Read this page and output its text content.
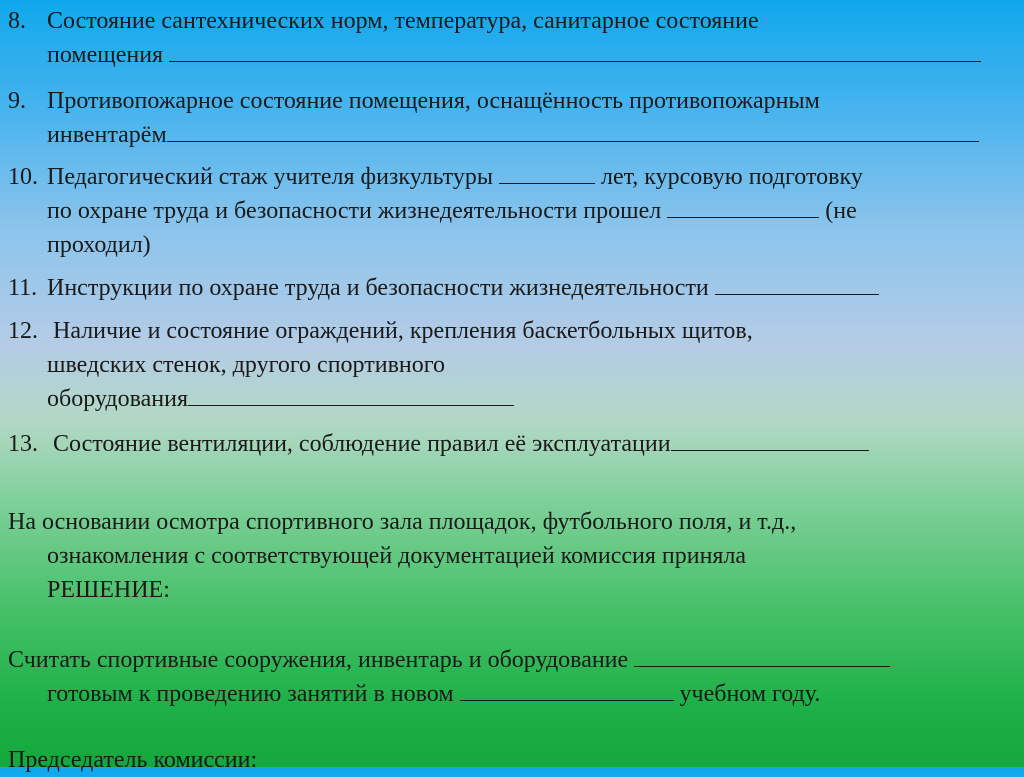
8. Состояние сантехнических норм, температура, санитарное состояние
помещения
9. Противопожарное состояние помещения, оснащённость противопожарным
инвентарём
10. Педагогический стаж учителя физкультуры	лет, курсовую подготовку
по охране труда и безопасности жизнедеятельности прошел	(не
проходил)
11. Инструкции по охране труда и безопасности жизнедеятельности
12. Наличие и состояние ограждений, крепления баскетбольных щитов,
шведских стенок, другого спортивного
оборудования
13. Состояние вентиляции, соблюдение правил её эксплуатации
На основании осмотра спортивного зала площадок, футбольного поля, и т.д.,
ознакомления с соответствующей документацией комиссия приняла
РЕШЕНИЕ:
Считать спортивные сооружения, инвентарь и оборудование
готовым к проведению занятий в новом	учебном году.
Председатель комиссии:
